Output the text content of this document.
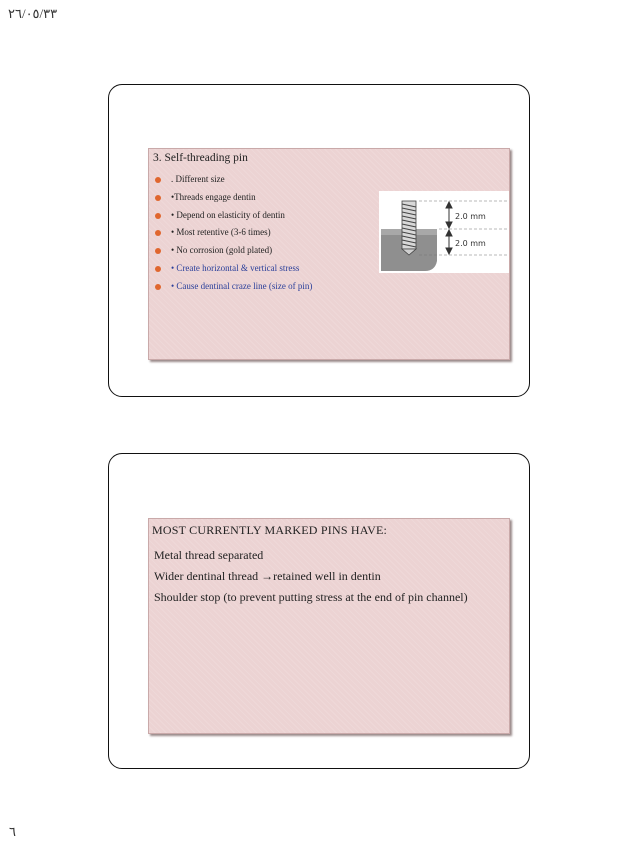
٢٦/٠٥/٣٣
3. Self-threading pin
. Different size
•Threads engage dentin
• Depend on elasticity of dentin
• Most retentive (3-6 times)
• No corrosion (gold plated)
• Create horizontal & vertical stress
• Cause dentinal craze line (size of pin)
2.0 mm
2.0 mm
MOST CURRENTLY MARKED PINS HAVE:
Metal thread separated
Wider dentinal thread →retained well in dentin
Shoulder stop (to prevent putting stress at the end of pin channel)
٦
